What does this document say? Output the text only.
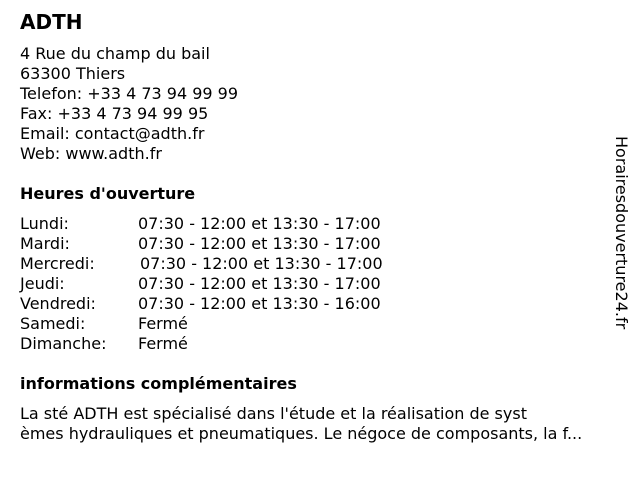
ADTH
4 Rue du champ du bail
63300 Thiers
Telefon: +33 4 73 94 99 99
Fax: +33 4 73 94 99 95
Email: contact@adth.fr
Web: www.adth.fr
Heures d'ouverture
Lundi:	07:30 - 12:00 et 13:30 - 17:00
Mardi:	07:30 - 12:00 et 13:30 - 17:00
Mercredi:	07:30 - 12:00 et 13:30 - 17:00
Jeudi:	07:30 - 12:00 et 13:30 - 17:00
Vendredi:	07:30 - 12:00 et 13:30 - 16:00
Samedi:	Fermé
Dimanche: Fermé
informations complémentaires
La sté ADTH est spécialisé dans l'étude et la réalisation de syst
èmes hydrauliques et pneumatiques. Le négoce de composants, la f...
Horairesdouverture24.fr
